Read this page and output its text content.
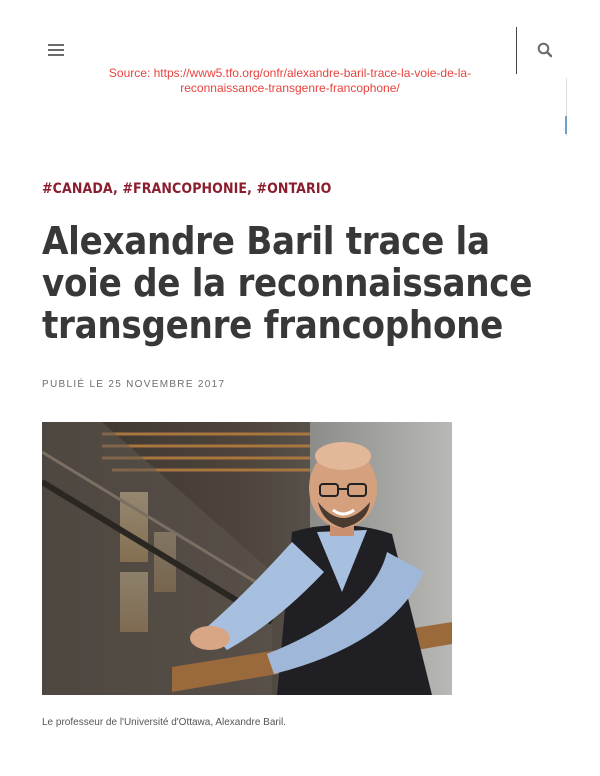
Source: https://www5.tfo.org/onfr/alexandre-baril-trace-la-voie-de-la-reconnaissance-transgenre-francophone/
#CANADA, #FRANCOPHONIE, #ONTARIO
Alexandre Baril trace la voie de la reconnaissance transgenre francophone
PUBLIÉ LE 25 NOVEMBRE 2017
Le professeur de l'Université d'Ottawa, Alexandre Baril.
